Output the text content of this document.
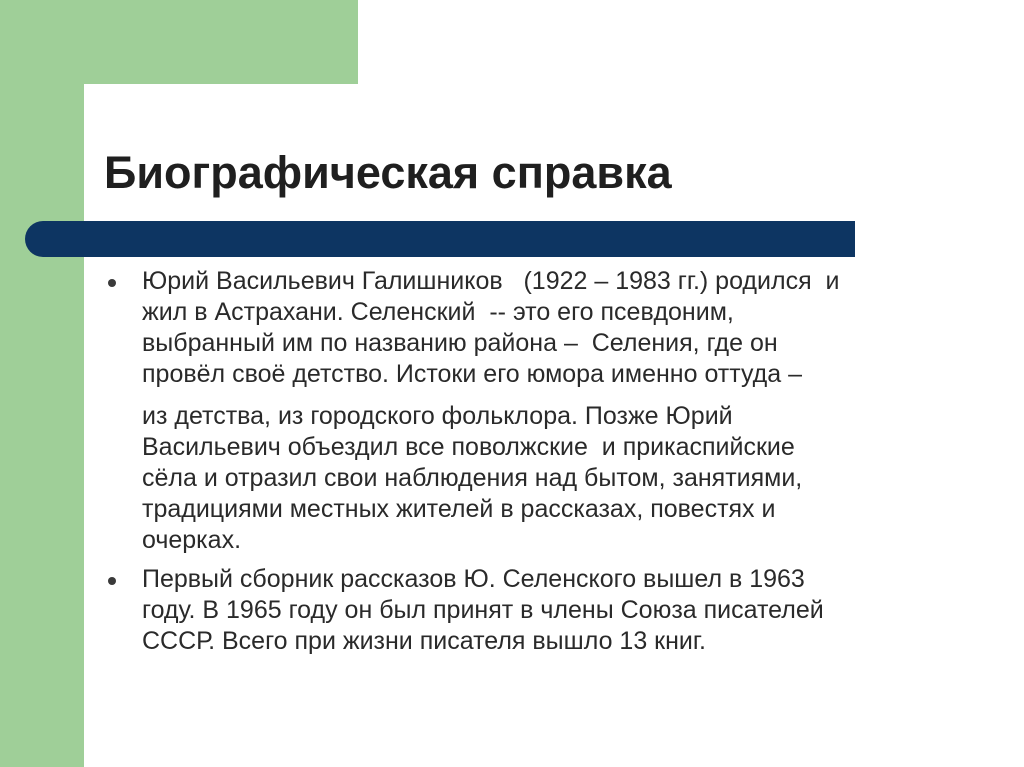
Биографическая справка
Юрий Васильевич Галишников   (1922 – 1983 гг.) родился  и
жил в Астрахани. Селенский  -- это его псевдоним,
выбранный им по названию района –  Селения, где он
провёл своё детство. Истоки его юмора именно оттуда –
из детства, из городского фольклора. Позже Юрий
Васильевич объездил все поволжские  и прикаспийские
сёла и отразил свои наблюдения над бытом, занятиями,
традициями местных жителей в рассказах, повестях и
очерках.
Первый сборник рассказов Ю. Селенского вышел в 1963
году. В 1965 году он был принят в члены Союза писателей
СССР. Всего при жизни писателя вышло 13 книг.
